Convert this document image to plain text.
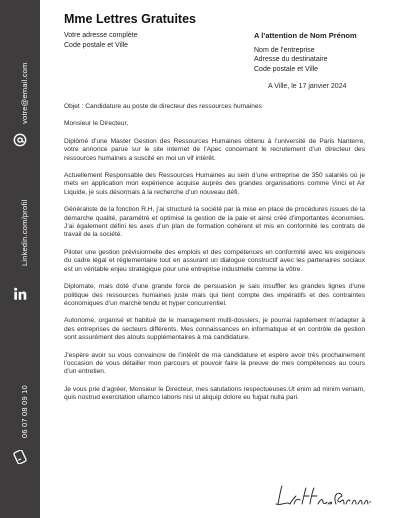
votre@email.com
Linkedin.com/profil
06 07 08 09 10
Mme Lettres Gratuites
Votre adresse complète
Code postale et Ville
A l’attention de Nom Prénom
Nom de l’entreprise
Adresse du destinataire
Code postale et Ville
A Ville, le 17 janvier 2024
Objet : Candidature au poste de directeur des ressources humaines
Monsieur le Directeur,

Diplômé d’une Master Gestion des Ressources Humaines obtenu à l’université de Paris Nanterre, votre annonce parue sur le site internet de l’Apec concernant le recrutement d’un directeur des ressources humaines a suscité en moi un vif intérêt.

Actuellement Responsable des Ressources Humaines au sein d’une entreprise de 350 salariés où je mets en application mon expérience acquise auprès des grandes organisations comme Vinci et Air Liquide, je suis désormais à la recherche d’un nouveau défi.

Généraliste de la fonction R.H, j’ai structuré la société par la mise en place de procédures issues de la démarche qualité, paramétré et optimisé la gestion de la paie et ainsi créé d’importantes économies. J’ai également défini les axes d’un plan de formation cohérent et mis en conformité les contrats de travail de la société.

Piloter une gestion prévisionnelle des emplois et des compétences en conformité avec les exigences du cadre légal et réglementaire tout en assurant un dialogue constructif avec les partenaires sociaux est un véritable enjeu stratégique pour une entreprise industrielle comme la vôtre.

Diplomate, mais doté d’une grande force de persuasion je sais insuffler les grandes lignes d’une politique des ressources humaines juste mais qui tient compte des impératifs et des contraintes économiques d’un marché tendu et hyper concurrentiel.

Autonome, organisé et habitué de le management multi-dossiers, je pourrai rapidement m’adapter à des entreprises de secteurs différents. Mes connaissances en informatique et en contrôle de gestion sont assurément des atouts supplémentaires à ma candidature.

J’espère avoir su vous convaincre de l’intérêt de ma candidature et espère avoir très prochainement l’occasion de vous détailler mon parcours et pouvoir faire la preuve de mes compétences au cours d’un entretien.

Je vous prie d’agréer, Monsieur le Directeur, mes salutations respectueuses.Ut enim ad minim veniam, quis nostrud exercitation ullamco laboris nisi ut aliquip dolore eu fugiat nulla pari.
